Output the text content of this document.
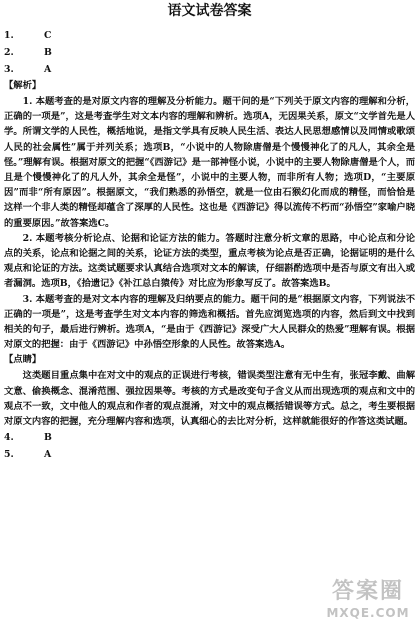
语文试卷答案
1.	C
2.	B
3.	A
【解析】

1. 本题考查的是对原文内容的理解及分析能力。题干问的是“下列关于原文内容的理解和分析，正确的一项是”，这是考查学生对文本内容的理解和辨析。选项A，无因果关系，原文“文学首先是人学。所谓文学的人民性，概括地说，是指文学具有反映人民生活、表达人民思想感情以及同情或歌颂人民的社会属性”属于并列关系；选项B，“小说中的人物除唐僧是个慢慢神化了的凡人，其余全是怪。”理解有误。根据对原文的把握“《西游记》是一部神怪小说，小说中的主要人物除唐僧是个人，而且是个慢慢神化了的凡人外，其余全是怪”，小说中的主要人物，而非所有人物；选项D，“主要原因”而非“所有原因”。根据原文，“我们熟悉的孙悟空，就是一位由石猴幻化而成的精怪，而恰恰是这样一个非人类的精怪却蕴含了深厚的人民性。这也是《西游记》得以流传不朽而“孙悟空”家喻户晓的重要原因。”故答案选C。

2. 本题考核分析论点、论据和论证方法的能力。答题时注意分析文章的思路，中心论点和分论点的关系，论点和论据之间的关系，论证方法的类型，重点考核为论点是否正确，论据证明的是什么观点和论证的方法。这类试题要求认真结合选项对文本的解读，仔细斟酌选项中是否与原文有出入或者漏洞。选项B，《拾遗记》《补江总白猿传》对比应为形象写反了。故答案选B。

3. 本题考查的是对文本内容的理解及归纳要点的能力。题干问的是“根据原文内容，下列说法不正确的一项是”，这是考查学生对文本内容的筛选和概括。首先应浏览选项的内容，然后到文中找到相关的句子，最后进行辨析。选项A，“是由于《西游记》深受广大人民群众的热爱”理解有误。根据对原文的把握：由于《西游记》中孙悟空形象的人民性。故答案选A。

【点睛】

这类题目重点集中在对文中的观点的正误进行考核，错误类型注意有无中生有，张冠李戴、曲解文意、偷换概念、混淆范围、强拉因果等。考核的方式是改变句子含义从而出现选项的观点和文中的观点不一致，文中他人的观点和作者的观点混淆，对文中的观点概括错误等方式。总之，考生要根据对原文内容的把握，充分理解内容和选项，认真细心的去比对分析，这样就能很好的作答这类试题。

4.	B
5.	A
答案圈
MXQE.COM
